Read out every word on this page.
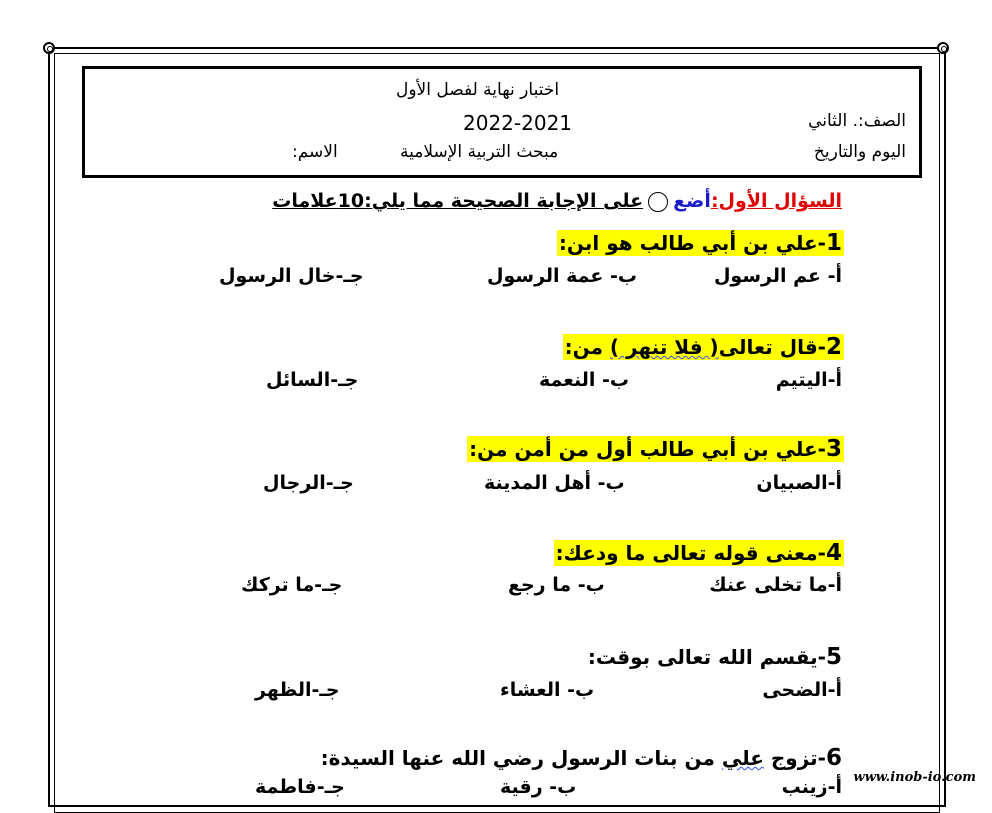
اختبار نهاية لفصل الأول
2022-2021	الصف:. الثاني
مبحث التربية الإسلامية	اليوم والتاريخ
الاسم:
السؤال الأول:أضععلى الإجابة الصحيحة مما يلي:10علامات
1-علي بن أبي طالب هو ابن:
أ- عم الرسول
ب- عمة الرسول
جـ-خال الرسول
2-قال تعالى( فلا تنهر ) من:
أ-اليتيم
ب- النعمة
جـ-السائل
3-علي بن أبي طالب أول من أمن من:
أ-الصبيان
ب- أهل المدينة
جـ-الرجال
4-معنى قوله تعالى ما ودعك:
أ-ما تخلى عنك
ب- ما رجع
جـ-ما تركك
5-يقسم الله تعالى بوقت:
أ-الضحى
ب- العشاء
جـ-الظهر
6-تزوج علي من بنات الرسول رضي الله عنها السيدة:
أ-زينب
ب- رقية
جـ-فاطمة	www.inob-io.com
